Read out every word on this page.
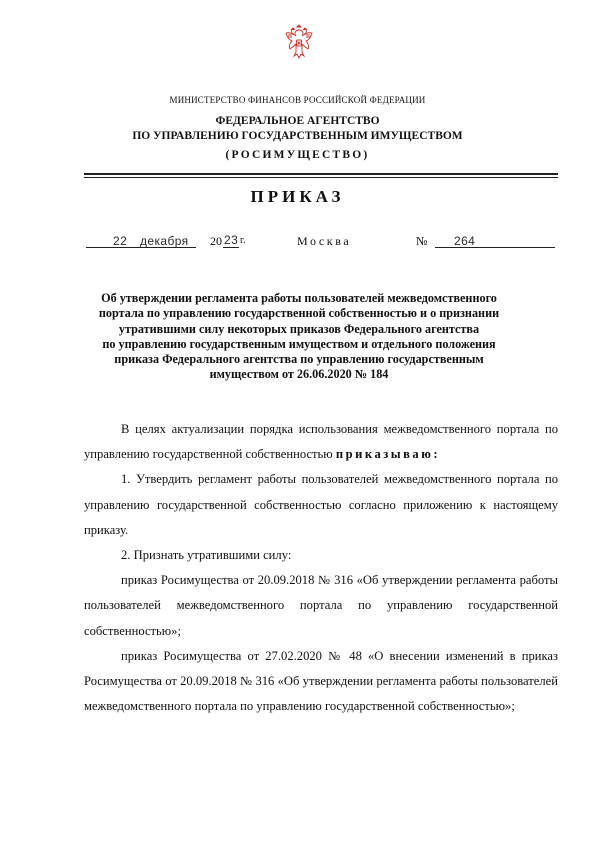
МИНИСТЕРСТВО ФИНАНСОВ РОССИЙСКОЙ ФЕДЕРАЦИИ
ФЕДЕРАЛЬНОЕ АГЕНТСТВО
ПО УПРАВЛЕНИЮ ГОСУДАРСТВЕННЫМ ИМУЩЕСТВОМ
(РОСИМУЩЕСТВО)
ПРИКАЗ
22 декабря 20 23 г.	Москва	№ 264
Об утверждении регламента работы пользователей межведомственного
портала по управлению государственной собственностью и о признании
утратившими силу некоторых приказов Федерального агентства
по управлению государственным имуществом и отдельного положения
приказа Федерального агентства по управлению государственным
имуществом от 26.06.2020 № 184

В целях актуализации порядка использования межведомственного портала по управлению государственной собственностью приказываю:

1. Утвердить регламент работы пользователей межведомственного портала по управлению государственной собственностью согласно приложению к настоящему приказу.

2. Признать утратившими силу:

приказ Росимущества от 20.09.2018 № 316 «Об утверждении регламента работы пользователей межведомственного портала по управлению государственной собственностью»;

приказ Росимущества от 27.02.2020 № 48 «О внесении изменений в приказ Росимущества от 20.09.2018 № 316 «Об утверждении регламента работы пользователей межведомственного портала по управлению государственной собственностью»;
